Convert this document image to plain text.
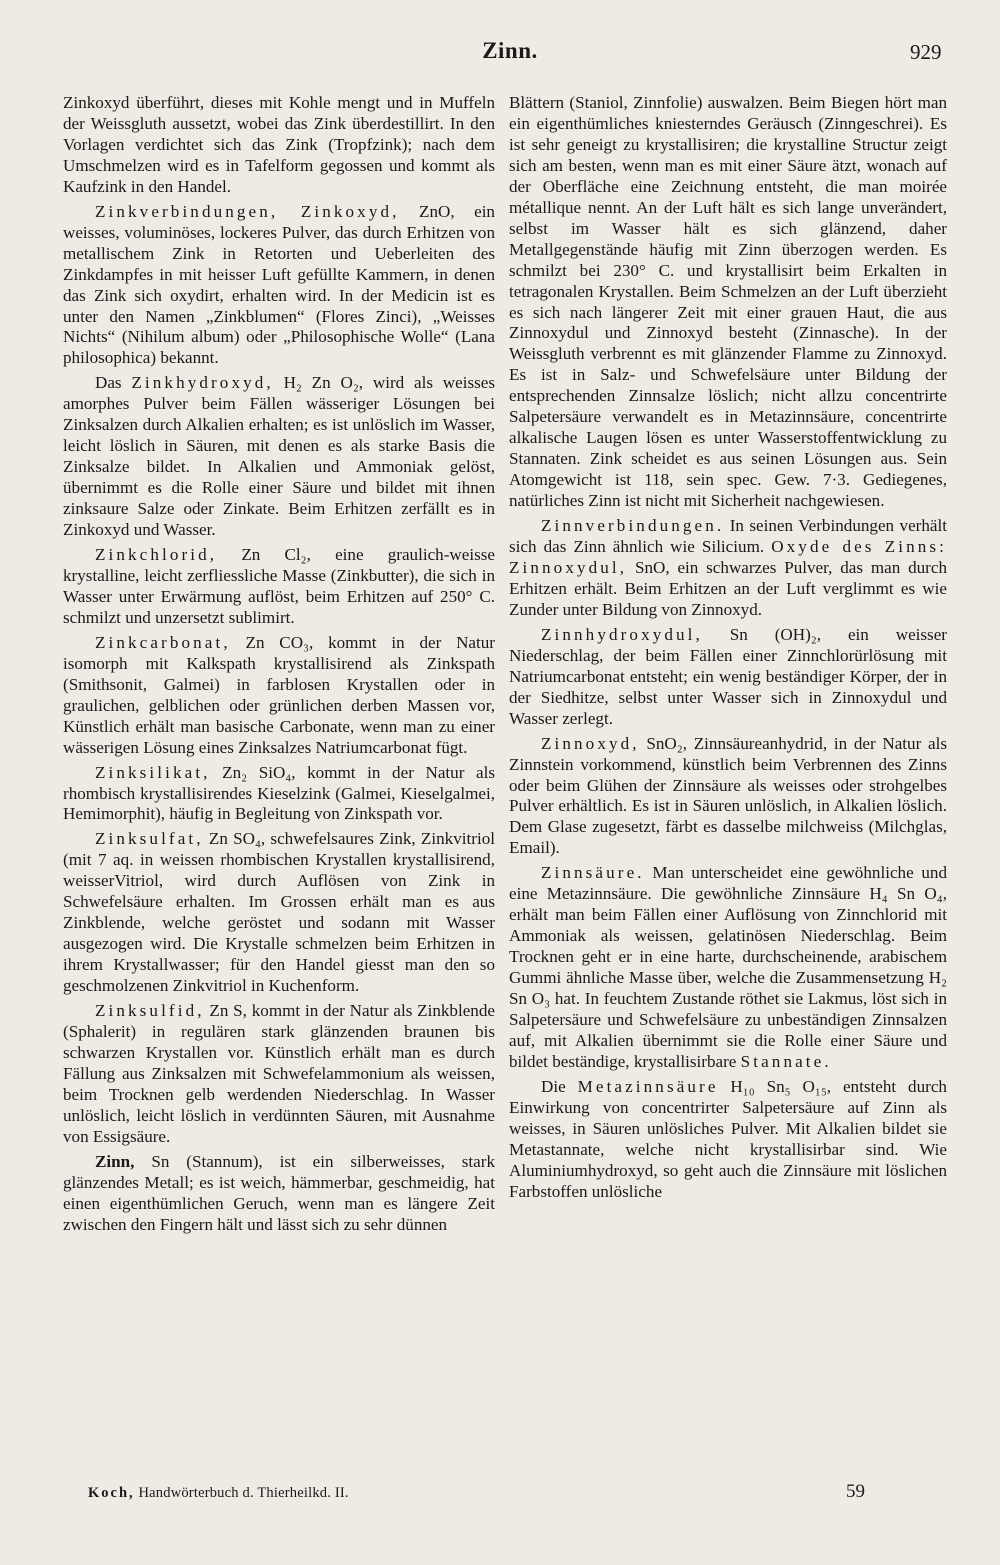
Zinn.	929

Zinkoxyd überführt, dieses mit Kohle mengt und in Muffeln der Weissgluth aussetzt, wobei das Zink überdestillirt. In den Vorlagen verdichtet sich das Zink (Tropfzink); nach dem Umschmelzen wird es in Tafelform gegossen und kommt als Kaufzink in den Handel.

Zinkverbindungen, Zinkoxyd, ZnO, ein weisses, voluminöses, lockeres Pulver, das durch Erhitzen von metallischem Zink in Retorten und Ueberleiten des Zinkdampfes in mit heisser Luft gefüllte Kammern, in denen das Zink sich oxydirt, erhalten wird. In der Medicin ist es unter den Namen „Zinkblumen“ (Flores Zinci), „Weisses Nichts“ (Nihilum album) oder „Philosophische Wolle“ (Lana philosophica) bekannt.

Das Zinkhydroxyd, H₂ Zn O₂, wird als weisses amorphes Pulver beim Fällen wässeriger Lösungen bei Zinksalzen durch Alkalien erhalten; es ist unlöslich im Wasser, leicht löslich in Säuren, mit denen es als starke Basis die Zinksalze bildet. In Alkalien und Ammoniak gelöst, übernimmt es die Rolle einer Säure und bildet mit ihnen zinksaure Salze oder Zinkate. Beim Erhitzen zerfällt es in Zinkoxyd und Wasser.

Zinkchlorid, Zn Cl₂, eine graulich-weisse krystalline, leicht zerfliessliche Masse (Zinkbutter), die sich in Wasser unter Erwärmung auflöst, beim Erhitzen auf 250° C. schmilzt und unzersetzt sublimirt.

Zinkcarbonat, Zn CO₃, kommt in der Natur isomorph mit Kalkspath krystallisirend als Zinkspath (Smithsonit, Galmei) in farblosen Krystallen oder in graulichen, gelblichen oder grünlichen derben Massen vor, Künstlich erhält man basische Carbonate, wenn man zu einer wässerigen Lösung eines Zinksalzes Natriumcarbonat fügt.

Zinksilikat, Zn₂ SiO₄, kommt in der Natur als rhombisch krystallisirendes Kieselzink (Galmei, Kieselgalmei, Hemimorphit), häufig in Begleitung von Zinkspath vor.

Zinksulfat, Zn SO₄, schwefelsaures Zink, Zinkvitriol (mit 7 aq. in weissen rhombischen Krystallen krystallisirend, weisserVitriol, wird durch Auflösen von Zink in Schwefelsäure erhalten. Im Grossen erhält man es aus Zinkblende, welche geröstet und sodann mit Wasser ausgezogen wird. Die Krystalle schmelzen beim Erhitzen in ihrem Krystallwasser; für den Handel giesst man den so geschmolzenen Zinkvitriol in Kuchenform.

Zinksulfid, Zn S, kommt in der Natur als Zinkblende (Sphalerit) in regulären stark glänzenden braunen bis schwarzen Krystallen vor. Künstlich erhält man es durch Fällung aus Zinksalzen mit Schwefelammonium als weissen, beim Trocknen gelb werdenden Niederschlag. In Wasser unlöslich, leicht löslich in verdünnten Säuren, mit Ausnahme von Essigsäure.

Zinn, Sn (Stannum), ist ein silberweisses, stark glänzendes Metall; es ist weich, hämmerbar, geschmeidig, hat einen eigenthümlichen Geruch, wenn man es längere Zeit zwischen den Fingern hält und lässt sich zu sehr dünnen

Blättern (Staniol, Zinnfolie) auswalzen. Beim Biegen hört man ein eigenthümliches kniesterndes Geräusch (Zinngeschrei). Es ist sehr geneigt zu krystallisiren; die krystalline Structur zeigt sich am besten, wenn man es mit einer Säure ätzt, wonach auf der Oberfläche eine Zeichnung entsteht, die man moirée métallique nennt. An der Luft hält es sich lange unverändert, selbst im Wasser hält es sich glänzend, daher Metallgegenstände häufig mit Zinn überzogen werden. Es schmilzt bei 230° C. und krystallisirt beim Erkalten in tetragonalen Krystallen. Beim Schmelzen an der Luft überzieht es sich nach längerer Zeit mit einer grauen Haut, die aus Zinnoxydul und Zinnoxyd besteht (Zinnasche). In der Weissgluth verbrennt es mit glänzender Flamme zu Zinnoxyd. Es ist in Salz- und Schwefelsäure unter Bildung der entsprechenden Zinnsalze löslich; nicht allzu concentrirte Salpetersäure verwandelt es in Metazinnsäure, concentrirte alkalische Laugen lösen es unter Wasserstoffentwicklung zu Stannaten. Zink scheidet es aus seinen Lösungen aus. Sein Atomgewicht ist 118, sein spec. Gew. 7·3. Gediegenes, natürliches Zinn ist nicht mit Sicherheit nachgewiesen.

Zinnverbindungen. In seinen Verbindungen verhält sich das Zinn ähnlich wie Silicium. Oxyde des Zinns: Zinnoxydul, SnO, ein schwarzes Pulver, das man durch Erhitzen erhält. Beim Erhitzen an der Luft verglimmt es wie Zunder unter Bildung von Zinnoxyd.

Zinnhydroxydul, Sn (OH)₂, ein weisser Niederschlag, der beim Fällen einer Zinnchlorürlösung mit Natriumcarbonat entsteht; ein wenig beständiger Körper, der in der Siedhitze, selbst unter Wasser sich in Zinnoxydul und Wasser zerlegt.

Zinnoxyd, SnO₂, Zinnsäureanhydrid, in der Natur als Zinnstein vorkommend, künstlich beim Verbrennen des Zinns oder beim Glühen der Zinnsäure als weisses oder strohgelbes Pulver erhältlich. Es ist in Säuren unlöslich, in Alkalien löslich. Dem Glase zugesetzt, färbt es dasselbe milchweiss (Milchglas, Email).

Zinnsäure. Man unterscheidet eine gewöhnliche und eine Metazinnsäure. Die gewöhnliche Zinnsäure H₄ Sn O₄, erhält man beim Fällen einer Auflösung von Zinnchlorid mit Ammoniak als weissen, gelatinösen Niederschlag. Beim Trocknen geht er in eine harte, durchscheinende, arabischem Gummi ähnliche Masse über, welche die Zusammensetzung H₂ Sn O₃ hat. In feuchtem Zustande röthet sie Lakmus, löst sich in Salpetersäure und Schwefelsäure zu unbeständigen Zinnsalzen auf, mit Alkalien übernimmt sie die Rolle einer Säure und bildet beständige, krystallisirbare Stannate.

Die Metazinnsäure H₁₀ Sn₅ O₁₅, entsteht durch Einwirkung von concentrirter Salpetersäure auf Zinn als weisses, in Säuren unlösliches Pulver. Mit Alkalien bildet sie Metastannate, welche nicht krystallisirbar sind. Wie Aluminiumhydroxyd, so geht auch die Zinnsäure mit löslichen Farbstoffen unlösliche

Koch, Handwörterbuch d. Thierheilkd. II.	59
